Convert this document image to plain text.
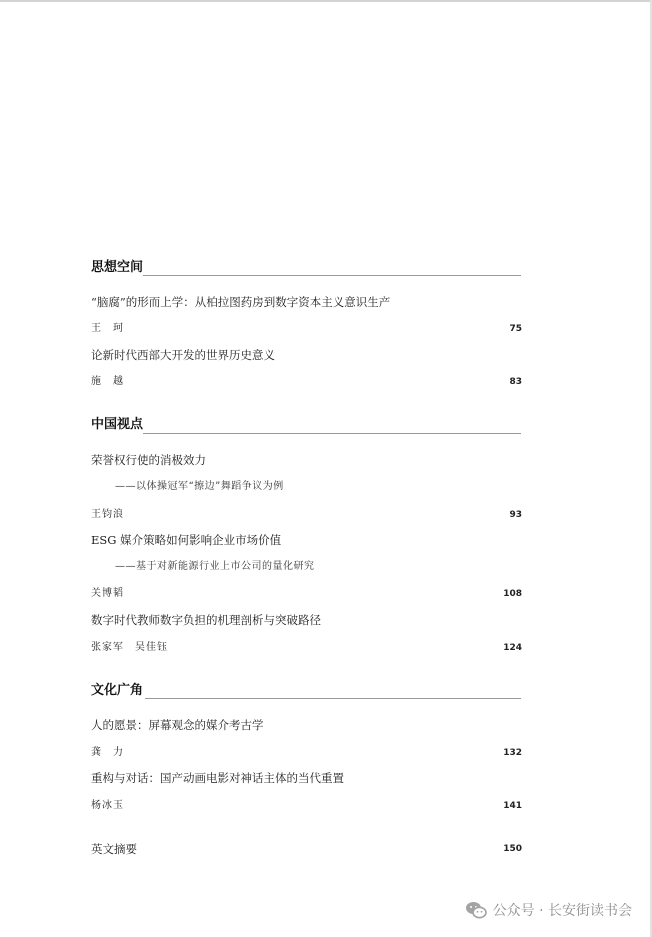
思想空间
“脑腐”的形而上学：从柏拉图药房到数字资本主义意识生产
王　珂	75
论新时代西部大开发的世界历史意义
施　越	83
中国视点
荣誉权行使的消极效力
——以体操冠军“擦边”舞蹈争议为例
王钧浪	93
ESG 媒介策略如何影响企业市场价值
——基于对新能源行业上市公司的量化研究
关博韬	108
数字时代教师数字负担的机理剖析与突破路径
张家军　吴佳钰	124
文化广角
人的愿景：屏幕观念的媒介考古学
龚　力	132
重构与对话：国产动画电影对神话主体的当代重置
杨冰玉	141
英文摘要	150
公众号 · 长安街读书会
